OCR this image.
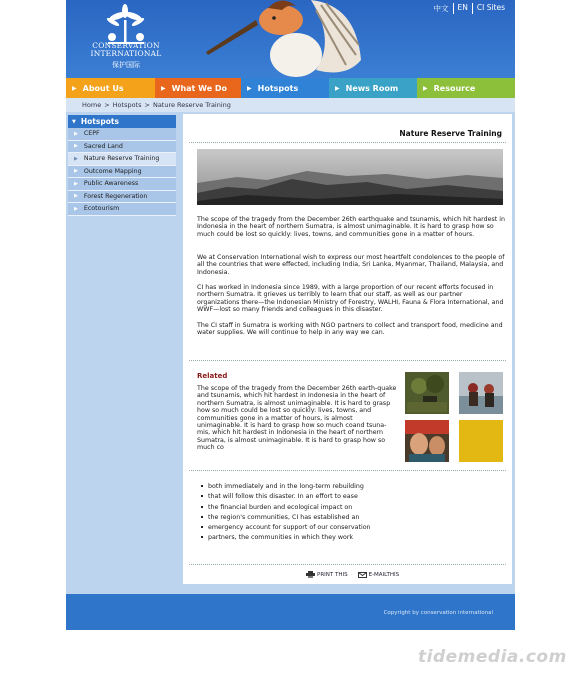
CONSERVATION
INTERNATIONAL
保护国际
中文	EN	CI Sites
▶ About Us	▶ What We Do	▶ Hotspots	▶ News Room	▶ Resource
Home > Hotspots > Nature Reserve Training
▼ Hotspots
▶ CEPF
▶ Sacred Land
▶ Nature Reserve Training
▶ Outcome Mapping
▶ Public Awareness
▶ Forest Regeneration
▶ Ecotourism
Nature Reserve Training

The scope of the tragedy from the December 26th earthquake and tsunamis, which hit hardest in Indonesia in the heart of northern Sumatra, is almost unimaginable. It is hard to grasp how so much could be lost so quickly: lives, towns, and communities gone in a matter of hours.

We at Conservation International wish to express our most heartfelt condolences to the people of all the countries that were effected, including India, Sri Lanka, Myanmar, Thailand, Malaysia, and Indonesia.

CI has worked in Indonesia since 1989, with a large proportion of our recent efforts focused in northern Sumatra. It grieves us terribly to learn that our staff, as well as our partner organizations there—the Indonesian Ministry of Forestry, WALHI, Fauna & Flora International, and WWF—lost so many friends and colleagues in this disaster.

The CI staff in Sumatra is working with NGO partners to collect and transport food, medicine and water supplies. We will continue to help in any way we can.

Related

The scope of the tragedy from the December 26th earth-quake and tsunamis, which hit hardest in Indonesia in the heart of northern Sumatra, is almost unimaginable. It is hard to grasp how so much could be lost so quickly: lives, towns, and communities gone in a matter of hours, is almost unimaginable. It is hard to grasp how so much coand tsuna-mis, which hit hardest in Indonesia in the heart of northern Sumatra, is almost unimaginable. It is hard to grasp how so much co

both immediately and in the long-term rebuilding
that will follow this disaster. In an effort to ease
the financial burden and ecological impact on
the region's communities, CI has established an
emergency account for support of our conservation
partners, the communities in which they work
PRINT THIS	E-MAILTHIS
Copyright by conservation international
tidemedia.com
